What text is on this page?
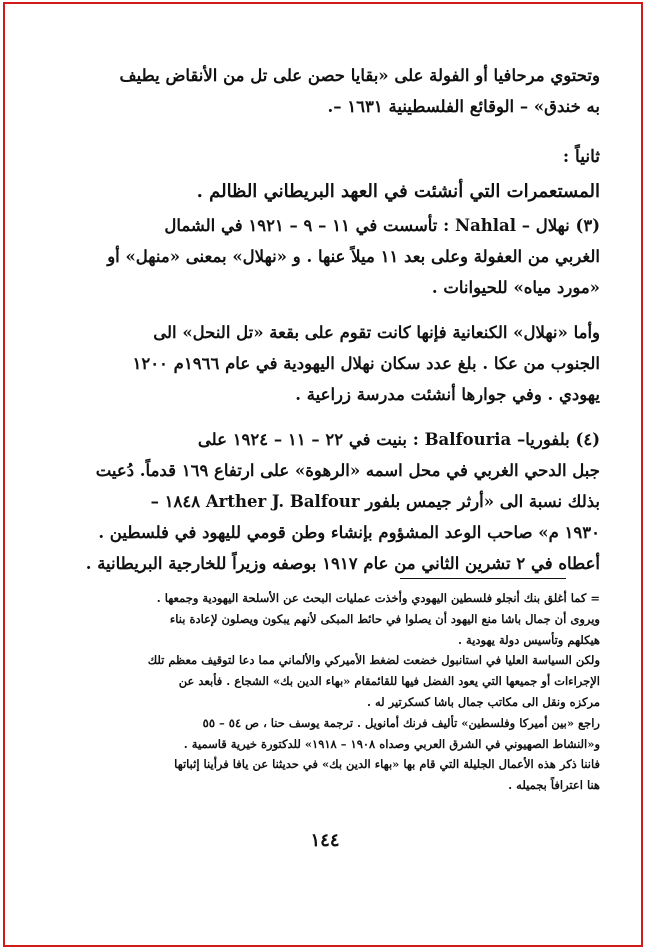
وتحتوي مرحافيا أو الفولة على «بقايا حصن على تل من الأنقاض يطيف
به خندق» – الوقائع الفلسطينية ١٦٣١ –.
ثانياً :
المستعمرات التي أنشئت في العهد البريطاني الظالم .
(٣) نهلال – Nahlal : تأسست في ١١ – ٩ – ١٩٢١ في الشمال
الغربي من العفولة وعلى بعد ١١ ميلاً عنها . و «نهلال» بمعنى «منهل» أو
«مورد مياه» للحيوانات .
وأما «نهلال» الكنعانية فإنها كانت تقوم على بقعة «تل النحل» الى
الجنوب من عكا . بلغ عدد سكان نهلال اليهودية في عام ١٩٦٦م ١٢٠٠
يهودي . وفي جوارها أنشئت مدرسة زراعية .
(٤) بلفوريا– Balfouria : بنيت في ٢٢ – ١١ – ١٩٢٤ على
جبل الدحي الغربي في محل اسمه «الرهوة» على ارتفاع ١٦٩ قدماً. دُعيت
بذلك نسبة الى «أرثر جيمس بلفور Arther J. Balfour ١٨٤٨ –
١٩٣٠ م» صاحب الوعد المشؤوم بإنشاء وطن قومي لليهود في فلسطين .
أعطاه في ٢ تشرين الثاني من عام ١٩١٧ بوصفه وزيراً للخارجية البريطانية .
= كما أغلق بنك أنجلو فلسطين اليهودي وأخذت عمليات البحث عن الأسلحة اليهودية وجمعها .
ويروى أن جمال باشا منع اليهود أن يصلوا في حائط المبكى لأنهم يبكون ويصلون لإعادة بناء
هيكلهم وتأسيس دولة يهودية .
ولكن السياسة العليا في استانبول خضعت لضغط الأميركي والألماني مما دعا لتوقيف معظم تلك
الإجراءات أو جميعها التي يعود الفضل فيها للقائمقام «بهاء الدين بك» الشجاع . فأبعد عن
مركزه ونقل الى مكاتب جمال باشا كسكرتير له .
راجع «بين أميركا وفلسطين» تأليف فرنك أمانويل . ترجمة يوسف حنا ، ص ٥٤ – ٥٥
و«النشاط الصهيوني في الشرق العربي وصداه ١٩٠٨ – ١٩١٨» للدكتورة خيرية قاسمية .
فاننا ذكر هذه الأعمال الجليلة التي قام بها «بهاء الدين بك» في حديثنا عن يافا فرأينا إثباتها
هنا اعترافاً بجميله .
١٤٤
